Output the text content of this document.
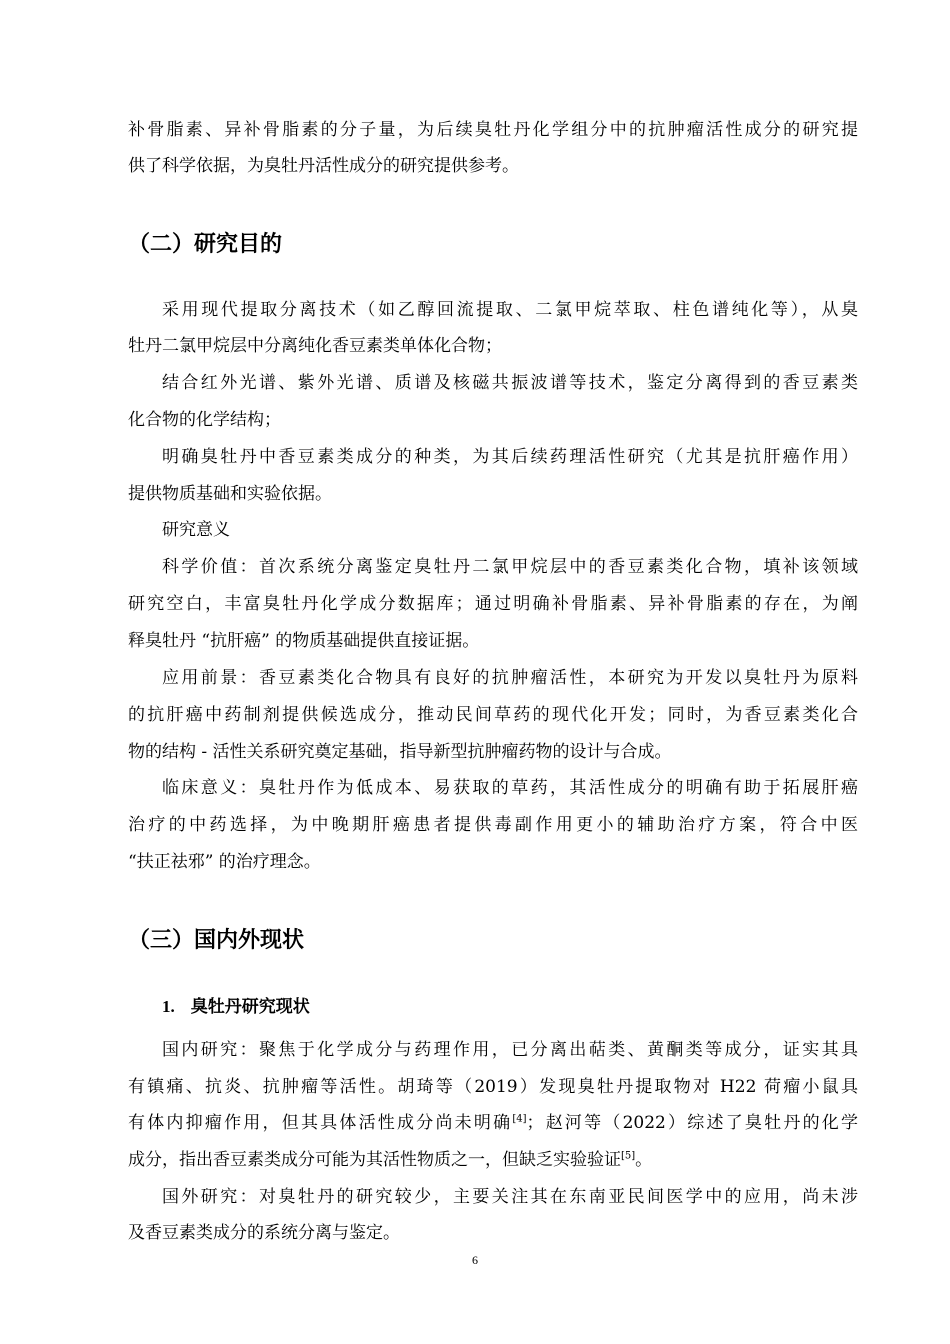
补骨脂素、异补骨脂素的分子量，为后续臭牡丹化学组分中的抗肿瘤活性成分的研究提
供了科学依据，为臭牡丹活性成分的研究提供参考。
（二）研究目的
采用现代提取分离技术（如乙醇回流提取、二氯甲烷萃取、柱色谱纯化等），从臭
牡丹二氯甲烷层中分离纯化香豆素类单体化合物；
结合红外光谱、紫外光谱、质谱及核磁共振波谱等技术，鉴定分离得到的香豆素类
化合物的化学结构；
明确臭牡丹中香豆素类成分的种类，为其后续药理活性研究（尤其是抗肝癌作用）
提供物质基础和实验依据。
研究意义
科学价值：首次系统分离鉴定臭牡丹二氯甲烷层中的香豆素类化合物，填补该领域
研究空白，丰富臭牡丹化学成分数据库；通过明确补骨脂素、异补骨脂素的存在，为阐
释臭牡丹 “抗肝癌” 的物质基础提供直接证据。
应用前景：香豆素类化合物具有良好的抗肿瘤活性，本研究为开发以臭牡丹为原料
的抗肝癌中药制剂提供候选成分，推动民间草药的现代化开发；同时，为香豆素类化合
物的结构 - 活性关系研究奠定基础，指导新型抗肿瘤药物的设计与合成。
临床意义：臭牡丹作为低成本、易获取的草药，其活性成分的明确有助于拓展肝癌
治疗的中药选择，为中晚期肝癌患者提供毒副作用更小的辅助治疗方案，符合中医
“扶正祛邪” 的治疗理念。
（三）国内外现状
1. 臭牡丹研究现状
国内研究：聚焦于化学成分与药理作用，已分离出萜类、黄酮类等成分，证实其具
有镇痛、抗炎、抗肿瘤等活性。胡琦等（2019）发现臭牡丹提取物对 H22 荷瘤小鼠具
有体内抑瘤作用，但其具体活性成分尚未明确[4]；赵河等（2022）综述了臭牡丹的化学
成分，指出香豆素类成分可能为其活性物质之一，但缺乏实验验证[5]。
国外研究：对臭牡丹的研究较少，主要关注其在东南亚民间医学中的应用，尚未涉
及香豆素类成分的系统分离与鉴定。
6
